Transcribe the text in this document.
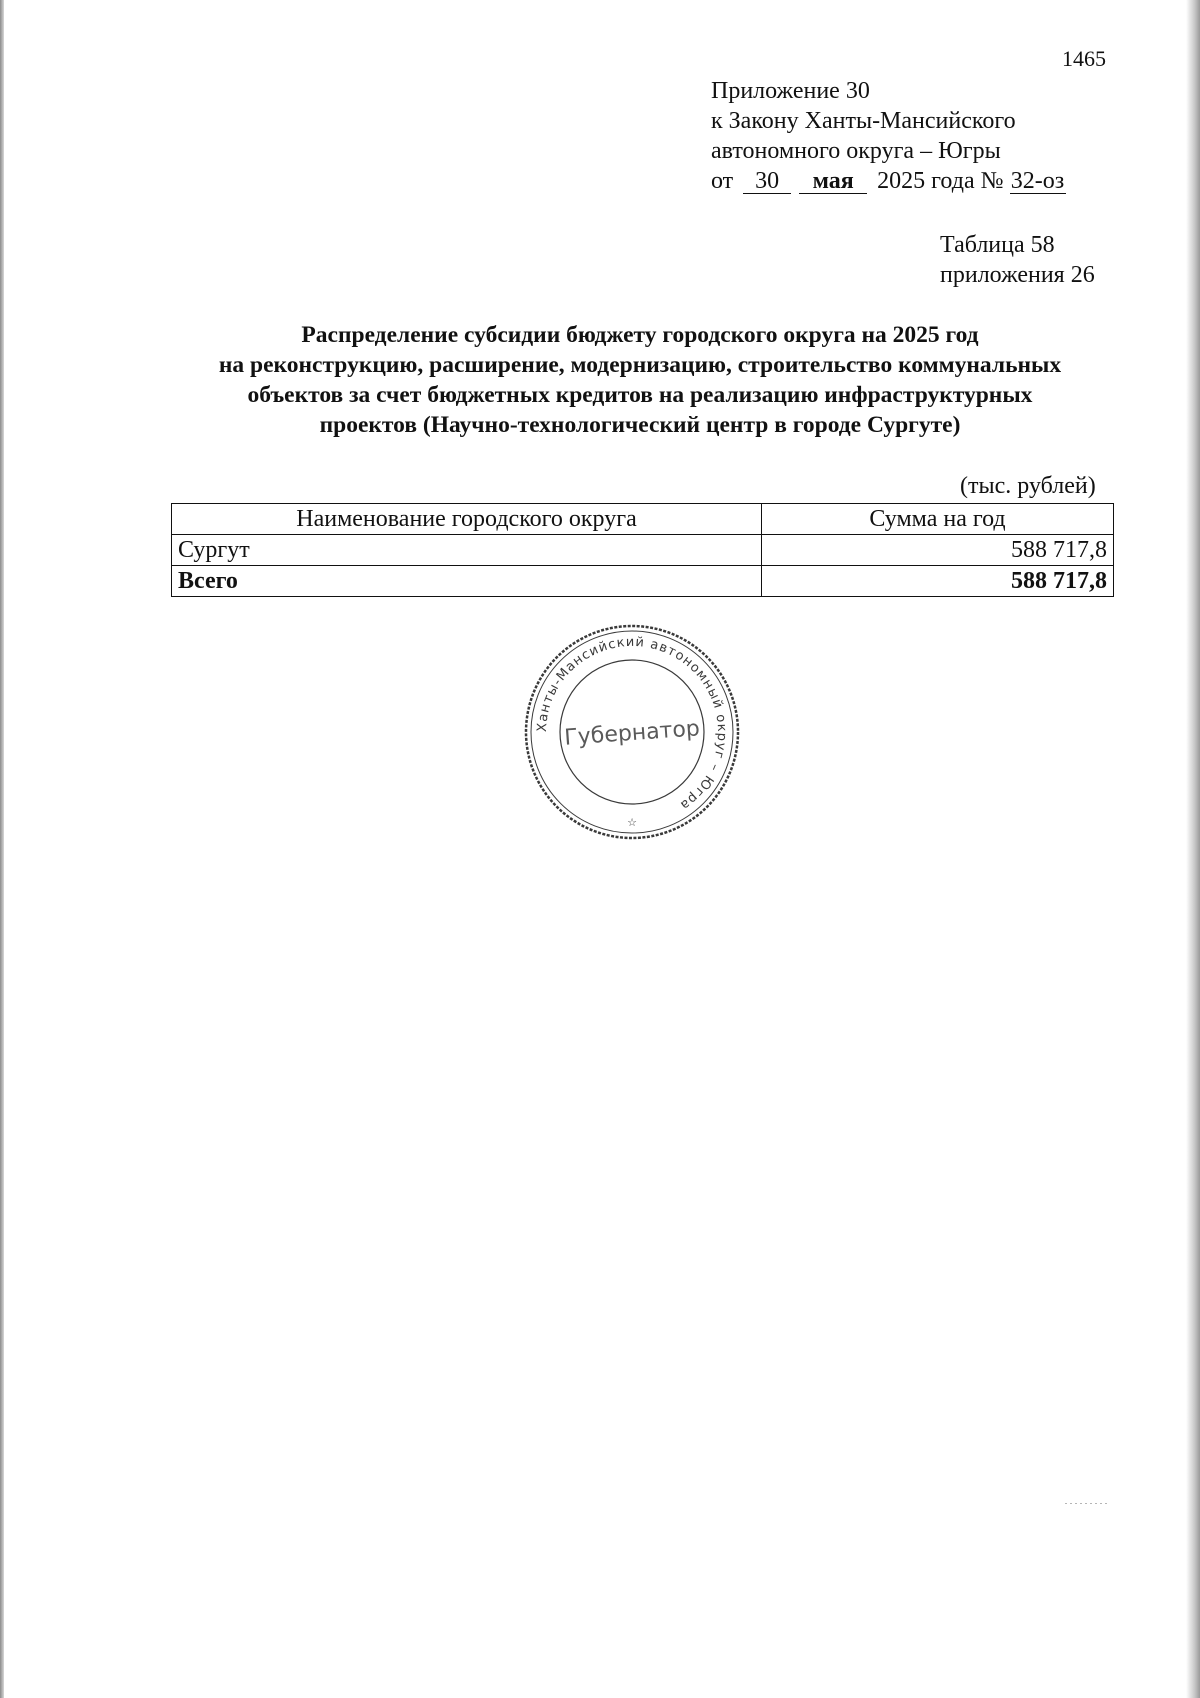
1465
Приложение 30
к Закону Ханты-Мансийского
автономного округа – Югры
от 30 мая 2025 года № 32-оз
Таблица 58
приложения 26
Распределение субсидии бюджету городского округа на 2025 год
на реконструкцию, расширение, модернизацию, строительство коммунальных
объектов за счет бюджетных кредитов на реализацию инфраструктурных
проектов (Научно-технологический центр в городе Сургуте)
(тыс. рублей)
Наименование городского округа	Сумма на год
Сургут	588 717,8
Всего	588 717,8
Ханты-Мансийский автономный округ – Югра
Губернатор
☆
